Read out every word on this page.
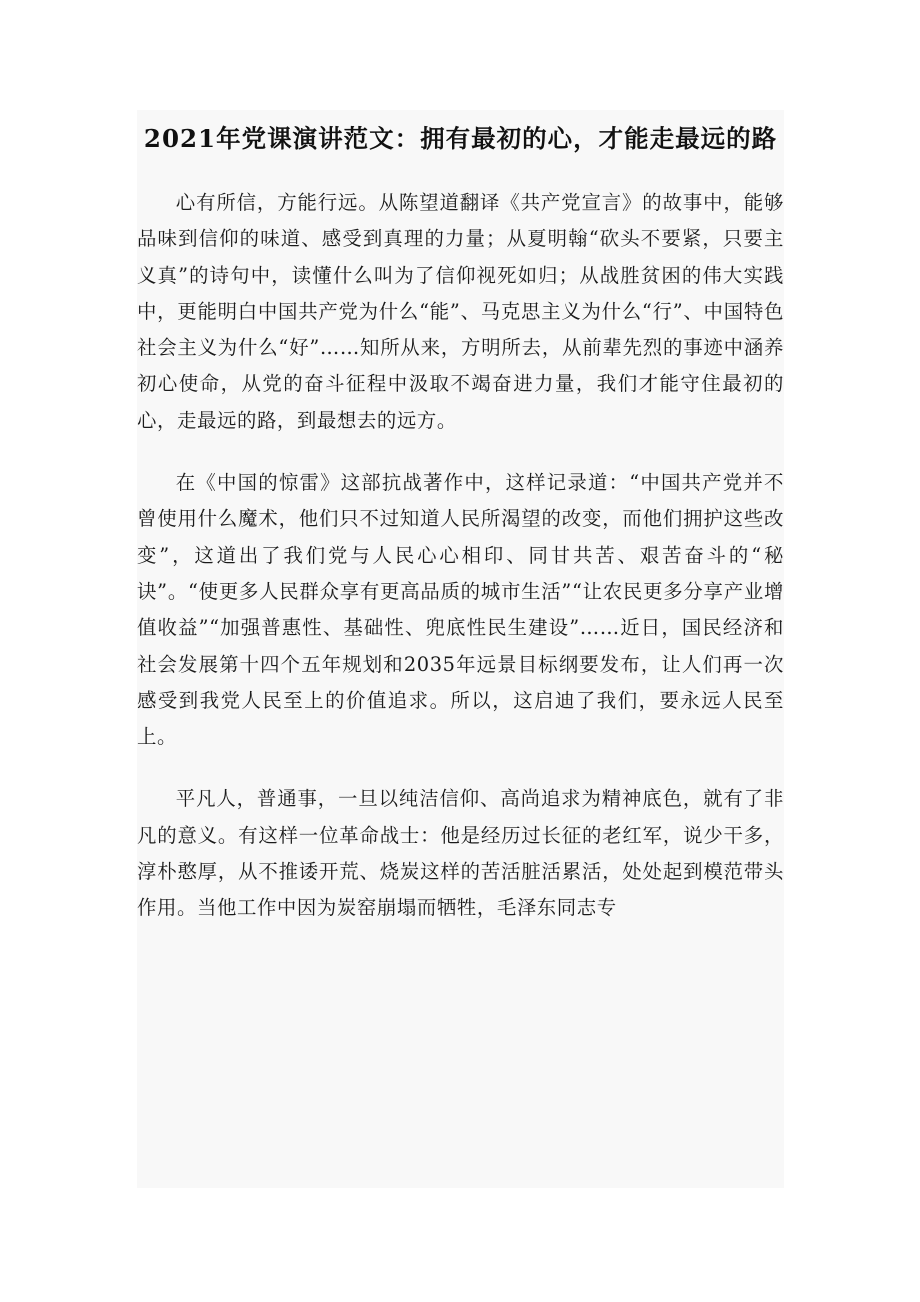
2021年党课演讲范文：拥有最初的心，才能走最远的路

心有所信，方能行远。从陈望道翻译《共产党宣言》的故事中，能够品味到信仰的味道、感受到真理的力量；从夏明翰“砍头不要紧，只要主义真”的诗句中，读懂什么叫为了信仰视死如归；从战胜贫困的伟大实践中，更能明白中国共产党为什么“能”、马克思主义为什么“行”、中国特色社会主义为什么“好”……知所从来，方明所去，从前辈先烈的事迹中涵养初心使命，从党的奋斗征程中汲取不竭奋进力量，我们才能守住最初的心，走最远的路，到最想去的远方。

在《中国的惊雷》这部抗战著作中，这样记录道：“中国共产党并不曾使用什么魔术，他们只不过知道人民所渴望的改变，而他们拥护这些改变”，这道出了我们党与人民心心相印、同甘共苦、艰苦奋斗的“秘诀”。“使更多人民群众享有更高品质的城市生活”“让农民更多分享产业增值收益”“加强普惠性、基础性、兜底性民生建设”……近日，国民经济和社会发展第十四个五年规划和2035年远景目标纲要发布，让人们再一次感受到我党人民至上的价值追求。所以，这启迪了我们，要永远人民至上。

平凡人，普通事，一旦以纯洁信仰、高尚追求为精神底色，就有了非凡的意义。有这样一位革命战士：他是经历过长征的老红军，说少干多，淳朴憨厚，从不推诿开荒、烧炭这样的苦活脏活累活，处处起到模范带头作用。当他工作中因为炭窑崩塌而牺牲，毛泽东同志专
